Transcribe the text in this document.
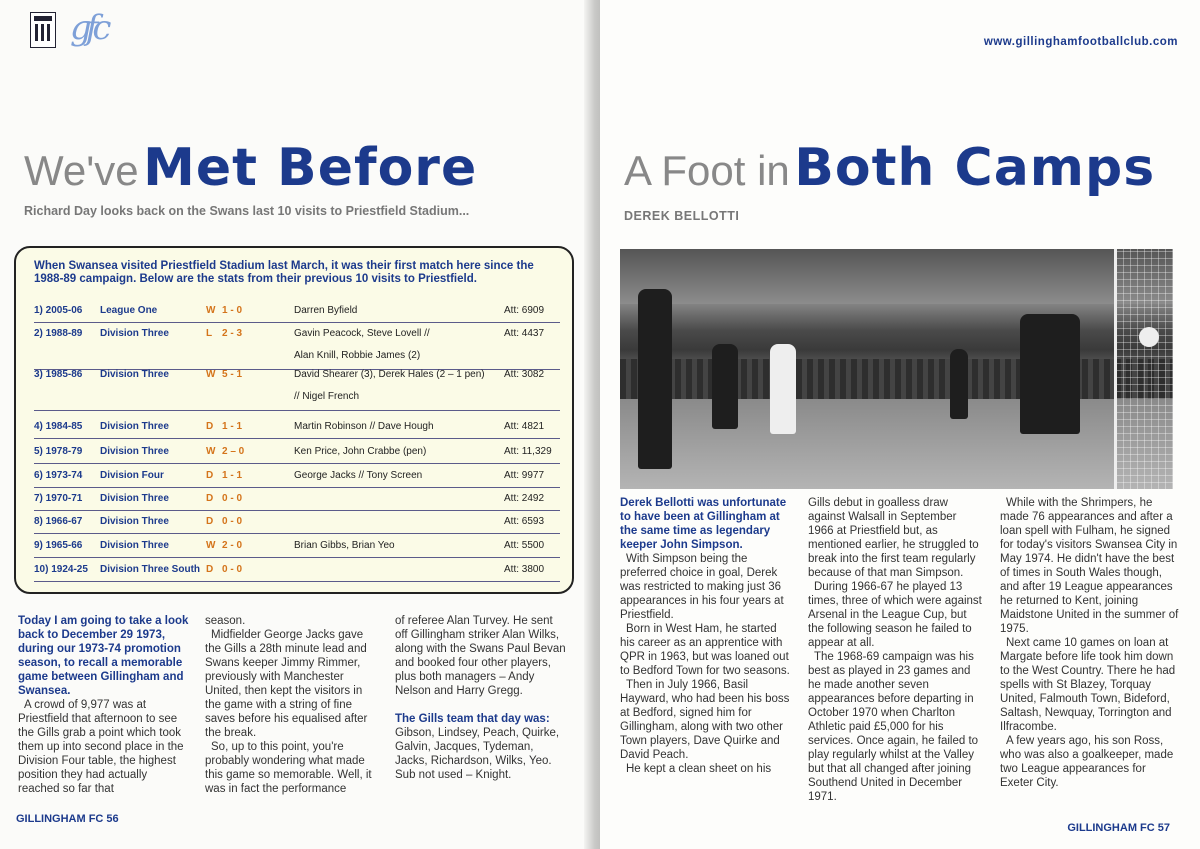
gfc
We've Met Before
Richard Day looks back on the Swans last 10 visits to Priestfield Stadium...
When Swansea visited Priestfield Stadium last March, it was their first match here since the 1988-89 campaign. Below are the stats from their previous 10 visits to Priestfield.
1) 2005-06 League One	W 1 - 0	Darren Byfield	Att: 6909
2) 1988-89 Division Three	L 2 - 3	Gavin Peacock, Steve Lovell //	Att: 4437
Alan Knill, Robbie James (2)
3) 1985-86 Division Three	W 5 - 1	David Shearer (3), Derek Hales (2 – 1 pen) Att: 3082
// Nigel French
4) 1984-85 Division Three	D 1 - 1	Martin Robinson // Dave Hough	Att: 4821
5) 1978-79 Division Three	W 2 – 0	Ken Price, John Crabbe (pen)	Att: 11,329
6) 1973-74 Division Four	D 1 - 1	George Jacks // Tony Screen	Att: 9977
7) 1970-71 Division Three	D 0 - 0	Att: 2492
8) 1966-67 Division Three	D 0 - 0	Att: 6593
9) 1965-66 Division Three	W 2 - 0	Brian Gibbs, Brian Yeo	Att: 5500
10) 1924-25 Division Three South D 0 - 0	Att: 3800

Today I am going to take a look back to December 29 1973, during our 1973-74 promotion season, to recall a memorable game between Gillingham and Swansea.

A crowd of 9,977 was at Priestfield that afternoon to see the Gills grab a point which took them up into second place in the Division Four table, the highest position they had actually reached so far that

season.

Midfielder George Jacks gave the Gills a 28th minute lead and Swans keeper Jimmy Rimmer, previously with Manchester United, then kept the visitors in the game with a string of fine saves before his equalised after the break.

So, up to this point, you're probably wondering what made this game so memorable. Well, it was in fact the performance

of referee Alan Turvey. He sent off Gillingham striker Alan Wilks, along with the Swans Paul Bevan and booked four other players, plus both managers – Andy Nelson and Harry Gregg.

The Gills team that day was:

Gibson, Lindsey, Peach, Quirke, Galvin, Jacques, Tydeman, Jacks, Richardson, Wilks, Yeo.

Sub not used – Knight.

GILLINGHAM FC 56
www.gillinghamfootballclub.com
A Foot in Both Camps
DEREK BELLOTTI

Derek Bellotti was unfortunate to have been at Gillingham at the same time as legendary keeper John Simpson.

With Simpson being the preferred choice in goal, Derek was restricted to making just 36 appearances in his four years at Priestfield.

Born in West Ham, he started his career as an apprentice with QPR in 1963, but was loaned out to Bedford Town for two seasons.

Then in July 1966, Basil Hayward, who had been his boss at Bedford, signed him for Gillingham, along with two other Town players, Dave Quirke and David Peach.

He kept a clean sheet on his

Gills debut in goalless draw against Walsall in September 1966 at Priestfield but, as mentioned earlier, he struggled to break into the first team regularly because of that man Simpson.

During 1966-67 he played 13 times, three of which were against Arsenal in the League Cup, but the following season he failed to appear at all.

The 1968-69 campaign was his best as played in 23 games and he made another seven appearances before departing in October 1970 when Charlton Athletic paid £5,000 for his services. Once again, he failed to play regularly whilst at the Valley but that all changed after joining Southend United in December 1971.

While with the Shrimpers, he made 76 appearances and after a loan spell with Fulham, he signed for today's visitors Swansea City in May 1974. He didn't have the best of times in South Wales though, and after 19 League appearances he returned to Kent, joining Maidstone United in the summer of 1975.

Next came 10 games on loan at Margate before life took him down to the West Country. There he had spells with St Blazey, Torquay United, Falmouth Town, Bideford, Saltash, Newquay, Torrington and Ilfracombe.

A few years ago, his son Ross, who was also a goalkeeper, made two League appearances for Exeter City.

GILLINGHAM FC 57
